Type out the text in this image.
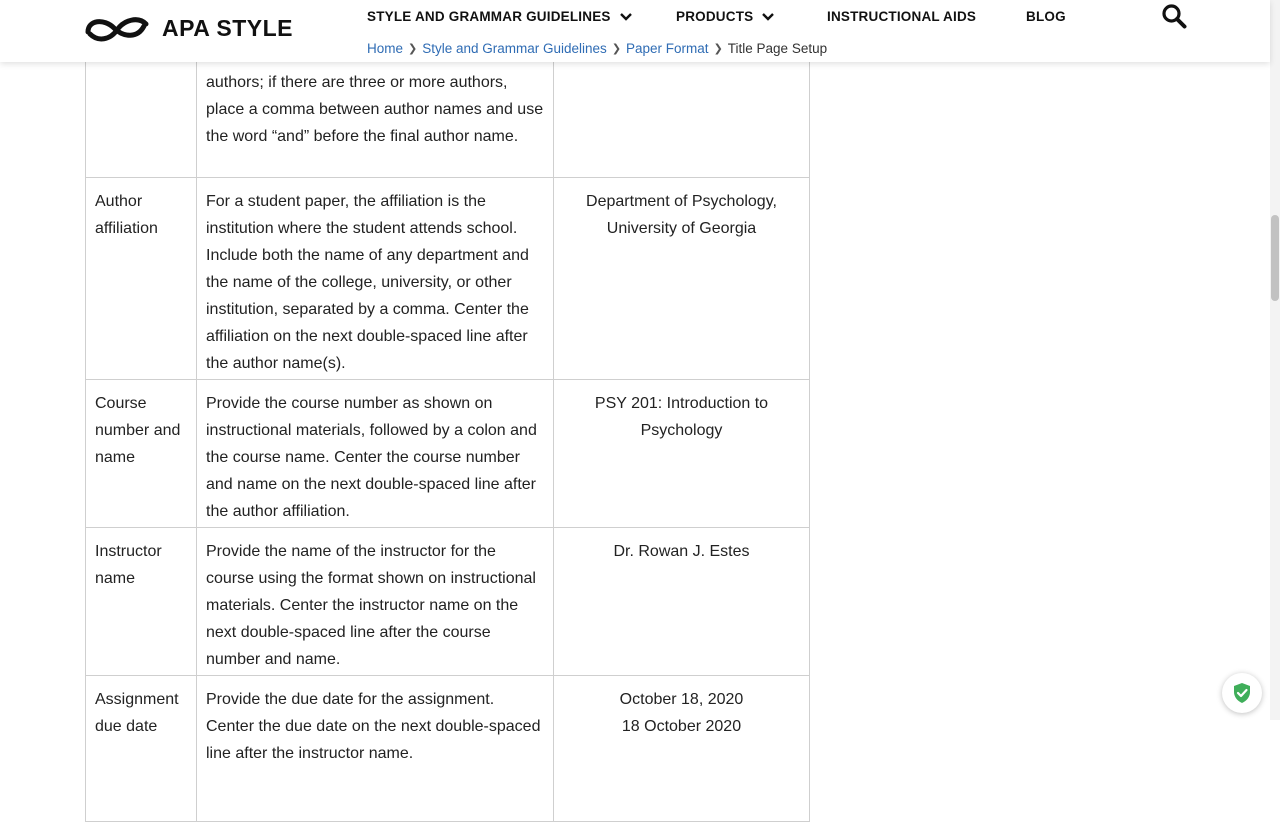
APA STYLE	STYLE AND GRAMMAR GUIDELINES	PRODUCTS	INSTRUCTIONAL AIDS	BLOG
Home ❯ Style and Grammar Guidelines ❯ Paper Format ❯ Title Page Setup
	authors; if there are three or more authors, place a comma between author names and use the word “and” before the final author name.	
Author affiliation	For a student paper, the affiliation is the institution where the student attends school. Include both the name of any department and the name of the college, university, or other institution, separated by a comma. Center the affiliation on the next double-spaced line after the author name(s).	Department of Psychology, University of Georgia
Course number and name	Provide the course number as shown on instructional materials, followed by a colon and the course name. Center the course number and name on the next double-spaced line after the author affiliation.	PSY 201: Introduction to Psychology
Instructor name	Provide the name of the instructor for the course using the format shown on instructional materials. Center the instructor name on the next double-spaced line after the course number and name.	Dr. Rowan J. Estes
Assignment due date	Provide the due date for the assignment. Center the due date on the next double-spaced line after the instructor name.	October 18, 2020
18 October 2020
